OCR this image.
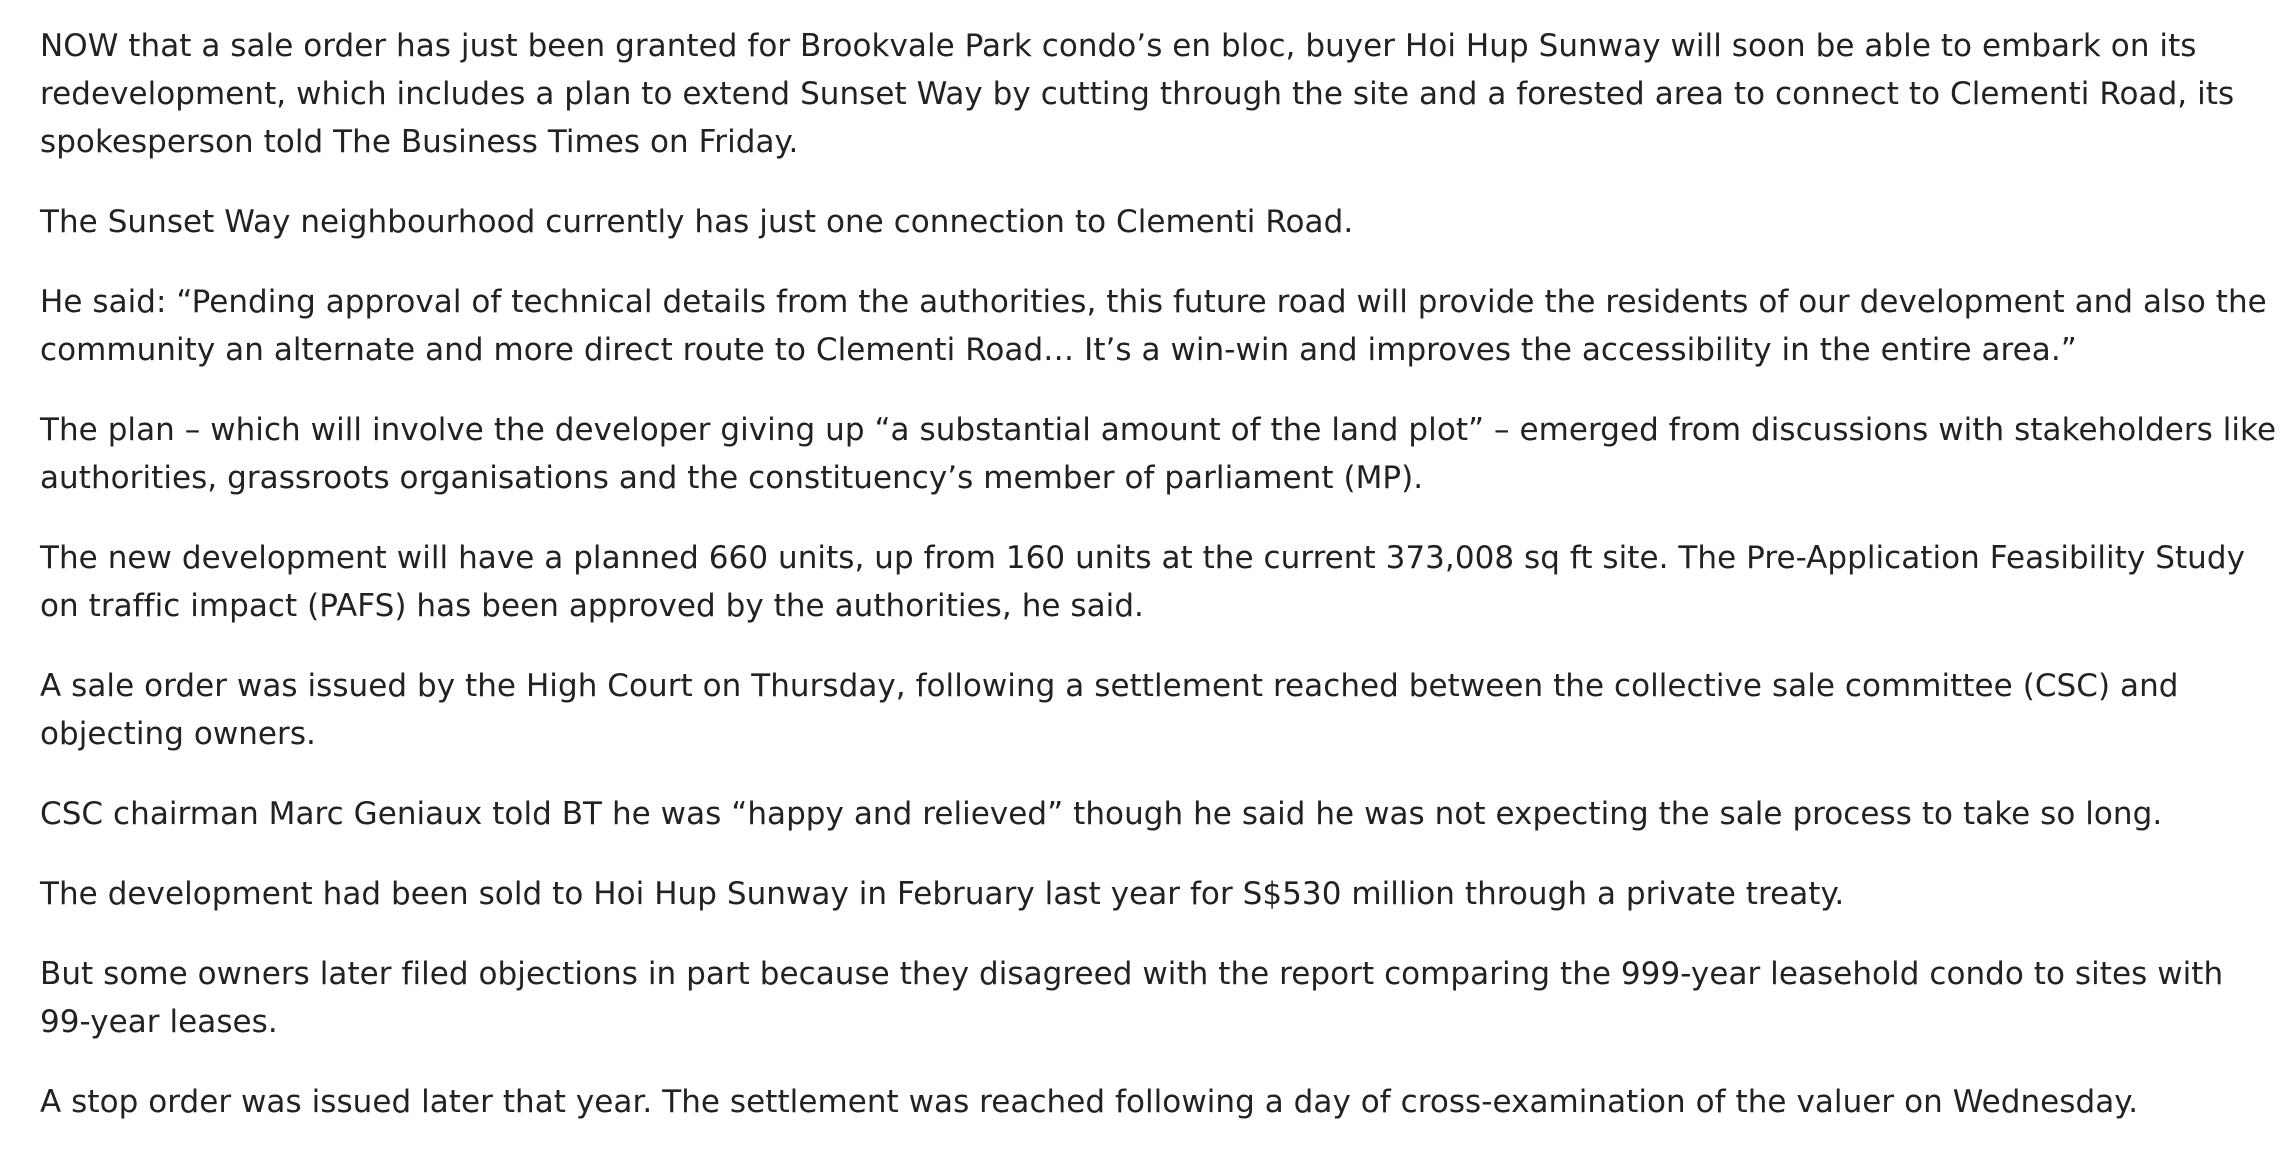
NOW that a sale order has just been granted for Brookvale Park condo’s en bloc, buyer Hoi Hup Sunway will soon be able to embark on its redevelopment, which includes a plan to extend Sunset Way by cutting through the site and a forested area to connect to Clementi Road, its spokesperson told The Business Times on Friday.

The Sunset Way neighbourhood currently has just one connection to Clementi Road.

He said: “Pending approval of technical details from the authorities, this future road will provide the residents of our development and also the community an alternate and more direct route to Clementi Road… It’s a win-win and improves the accessibility in the entire area.”

The plan – which will involve the developer giving up “a substantial amount of the land plot” – emerged from discussions with stakeholders like authorities, grassroots organisations and the constituency’s member of parliament (MP).

The new development will have a planned 660 units, up from 160 units at the current 373,008 sq ft site. The Pre-Application Feasibility Study on traffic impact (PAFS) has been approved by the authorities, he said.

A sale order was issued by the High Court on Thursday, following a settlement reached between the collective sale committee (CSC) and objecting owners.

CSC chairman Marc Geniaux told BT he was “happy and relieved” though he said he was not expecting the sale process to take so long.

The development had been sold to Hoi Hup Sunway in February last year for S$530 million through a private treaty.

But some owners later filed objections in part because they disagreed with the report comparing the 999-year leasehold condo to sites with 99-year leases.

A stop order was issued later that year. The settlement was reached following a day of cross-examination of the valuer on Wednesday.
